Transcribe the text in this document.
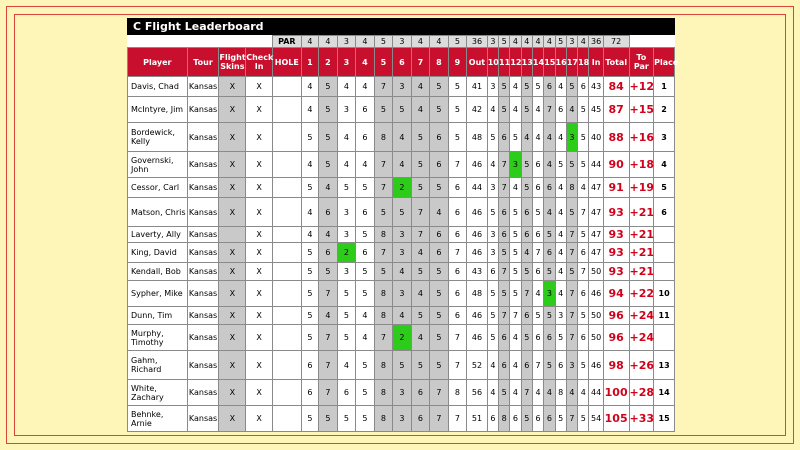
C Flight Leaderboard
				PAR	4	4	3	4	5	3	4	4	5	36	3	5	4	4	4	4	5	3	4	36	72		
Player	Tour	Flight Skins	Check In	HOLE	1	2	3	4	5	6	7	8	9	Out	10	11	12	13	14	15	16	17	18	In	Total	To Par	Place
Davis, Chad	Kansas	X	X		4	5	4	4	7	3	4	5	5	41	3	5	4	5	5	6	4	5	6	43	84	+12	1
McIntyre, Jim	Kansas	X	X		4	5	3	6	5	5	4	5	5	42	4	5	4	5	4	7	6	4	5	45	87	+15	2
Bordewick, Kelly	Kansas	X	X		5	5	4	6	8	4	5	6	5	48	5	6	5	4	4	4	4	3	5	40	88	+16	3
Governski, John	Kansas	X	X		4	5	4	4	7	4	5	6	7	46	4	7	3	5	6	4	5	5	5	44	90	+18	4
Cessor, Carl	Kansas	X	X		5	4	5	5	7	2	5	5	6	44	3	7	4	5	6	6	4	8	4	47	91	+19	5
Matson, Chris	Kansas	X	X		4	6	3	6	5	5	7	4	6	46	5	6	5	6	5	4	4	5	7	47	93	+21	6
Laverty, Ally	Kansas		X		4	4	3	5	8	3	7	6	6	46	3	6	5	6	6	5	4	7	5	47	93	+21	
King, David	Kansas	X	X		5	6	2	6	7	3	4	6	7	46	3	5	5	4	7	6	4	7	6	47	93	+21	
Kendall, Bob	Kansas	X	X		5	5	3	5	5	4	5	5	6	43	6	7	5	5	6	5	4	5	7	50	93	+21	
Sypher, Mike	Kansas	X	X		5	7	5	5	8	3	4	5	6	48	5	5	5	7	4	3	4	7	6	46	94	+22	10
Dunn, Tim	Kansas	X	X		5	4	5	4	8	4	5	5	6	46	5	7	7	6	5	5	3	7	5	50	96	+24	11
Murphy, Timothy	Kansas	X	X		5	7	5	4	7	2	4	5	7	46	5	6	4	5	6	6	5	7	6	50	96	+24	
Gahm, Richard	Kansas	X	X		6	7	4	5	8	5	5	5	7	52	4	6	4	6	7	5	6	3	5	46	98	+26	13
White, Zachary	Kansas	X	X		6	7	6	5	8	3	6	7	8	56	4	5	4	7	4	4	8	4	4	44	100	+28	14
Behnke, Arnie	Kansas	X	X		5	5	5	5	8	3	6	7	7	51	6	8	6	5	6	6	5	7	5	54	105	+33	15
